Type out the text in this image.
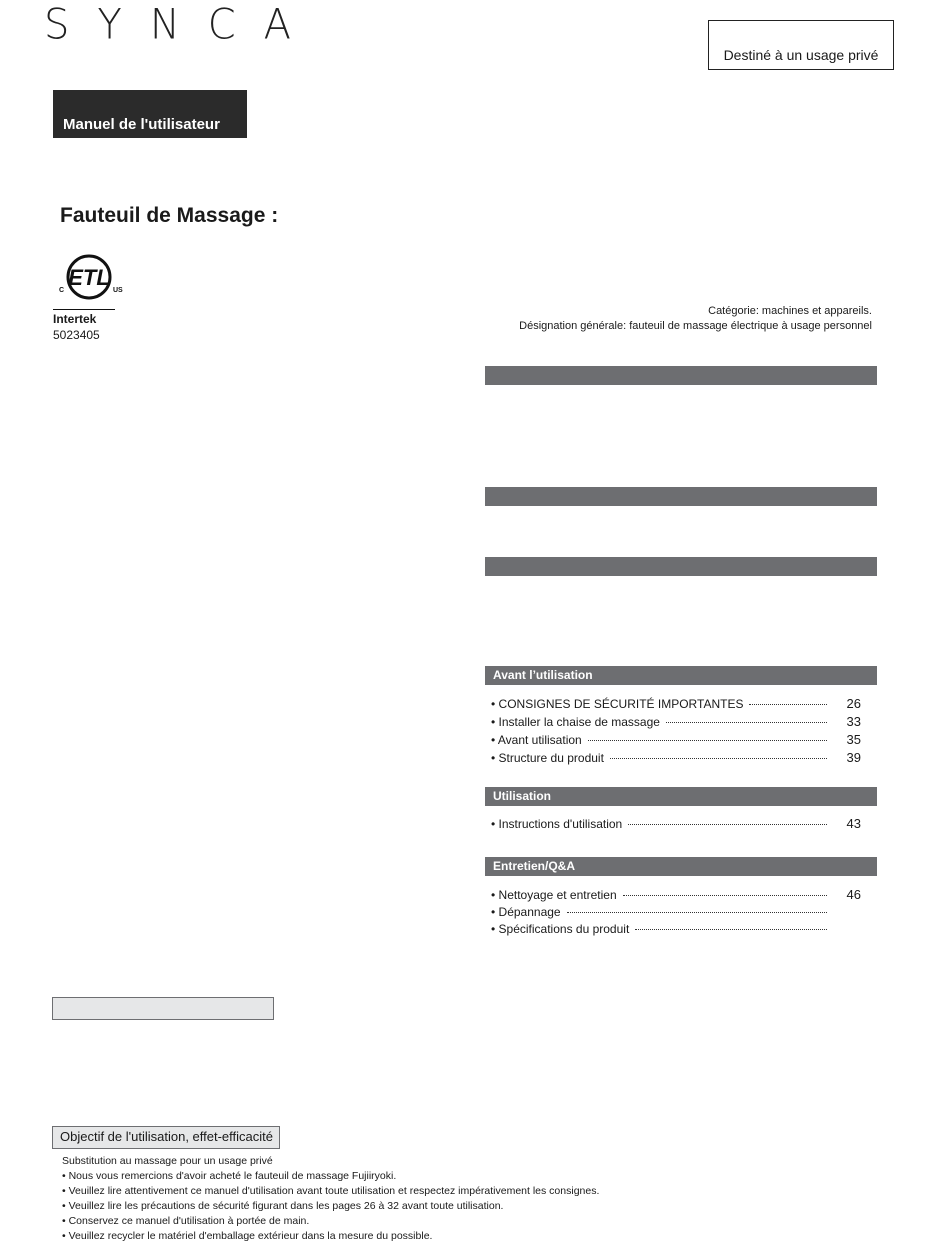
SYNCA
Destiné à un usage privé
Manuel de l'utilisateur
Fauteuil de Massage :
ETL
C	US
Intertek
5023405
Catégorie: machines et appareils.
Désignation générale: fauteuil de massage électrique à usage personnel
Avant l’utilisation
• CONSIGNES DE SÉCURITÉ IMPORTANTES	26
• Installer la chaise de massage	33
• Avant utilisation	35
• Structure du produit	39
Utilisation
• Instructions d'utilisation	43
Entretien/Q&A
• Nettoyage et entretien	46
• Dépannage
• Spécifications du produit
Objectif de l'utilisation, effet-efficacité
Substitution au massage pour un usage privé
• Nous vous remercions d'avoir acheté le fauteuil de massage Fujiiryoki.
• Veuillez lire attentivement ce manuel d'utilisation avant toute utilisation et respectez impérativement les consignes.
• Veuillez lire les précautions de sécurité figurant dans les pages 26 à 32 avant toute utilisation.
• Conservez ce manuel d'utilisation à portée de main.
• Veuillez recycler le matériel d'emballage extérieur dans la mesure du possible.
